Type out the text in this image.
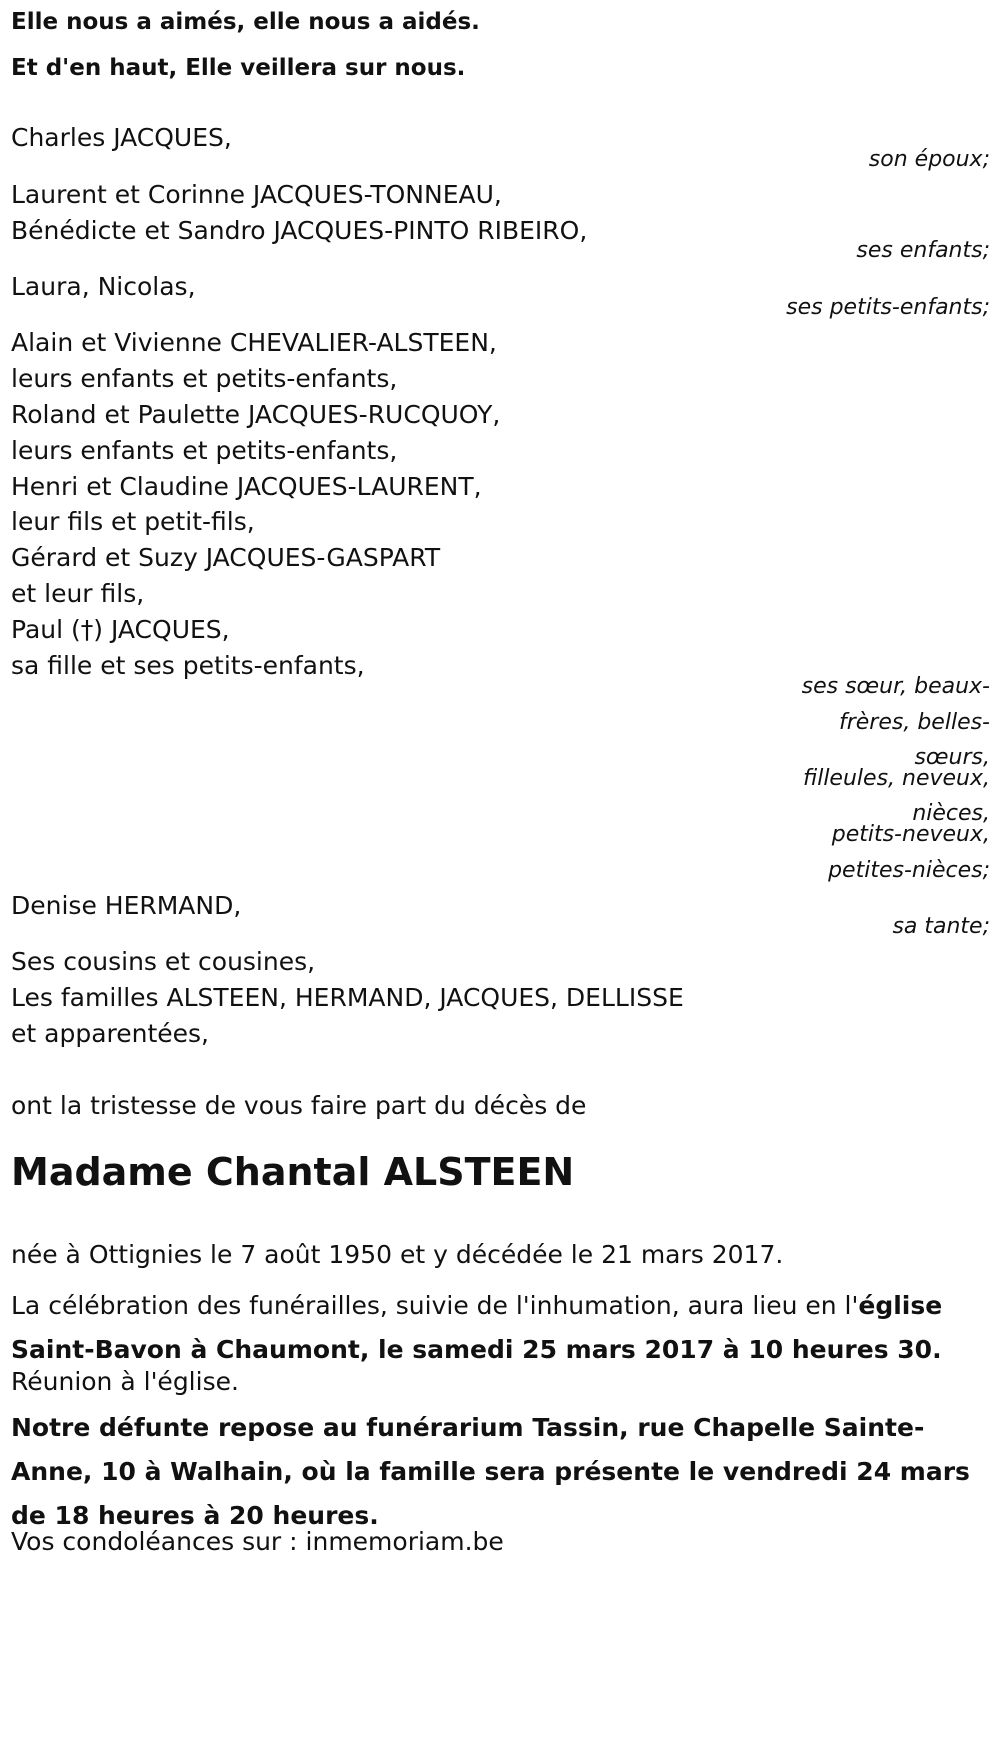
Elle nous a aimés, elle nous a aidés.

Et d'en haut, Elle veillera sur nous.

Charles JACQUES,

son époux;

Laurent et Corinne JACQUES-TONNEAU,

Bénédicte et Sandro JACQUES-PINTO RIBEIRO,

ses enfants;

Laura, Nicolas,

ses petits-enfants;

Alain et Vivienne CHEVALIER-ALSTEEN,

leurs enfants et petits-enfants,

Roland et Paulette JACQUES-RUCQUOY,

leurs enfants et petits-enfants,

Henri et Claudine JACQUES-LAURENT,

leur fils et petit-fils,

Gérard et Suzy JACQUES-GASPART

et leur fils,

Paul (†) JACQUES,

sa fille et ses petits-enfants,

ses sœur, beaux-

frères, belles-

sœurs,

filleules, neveux,

nièces,

petits-neveux,

petites-nièces;

Denise HERMAND,

sa tante;

Ses cousins et cousines,

Les familles ALSTEEN, HERMAND, JACQUES, DELLISSE

et apparentées,

ont la tristesse de vous faire part du décès de

Madame Chantal ALSTEEN

née à Ottignies le 7 août 1950 et y décédée le 21 mars 2017.

La célébration des funérailles, suivie de l'inhumation, aura lieu en l'église Saint-Bavon à Chaumont, le samedi 25 mars 2017 à 10 heures 30.

Réunion à l'église.

Notre défunte repose au funérarium Tassin, rue Chapelle Sainte-Anne, 10 à Walhain, où la famille sera présente le vendredi 24 mars de 18 heures à 20 heures.

Vos condoléances sur : inmemoriam.be
